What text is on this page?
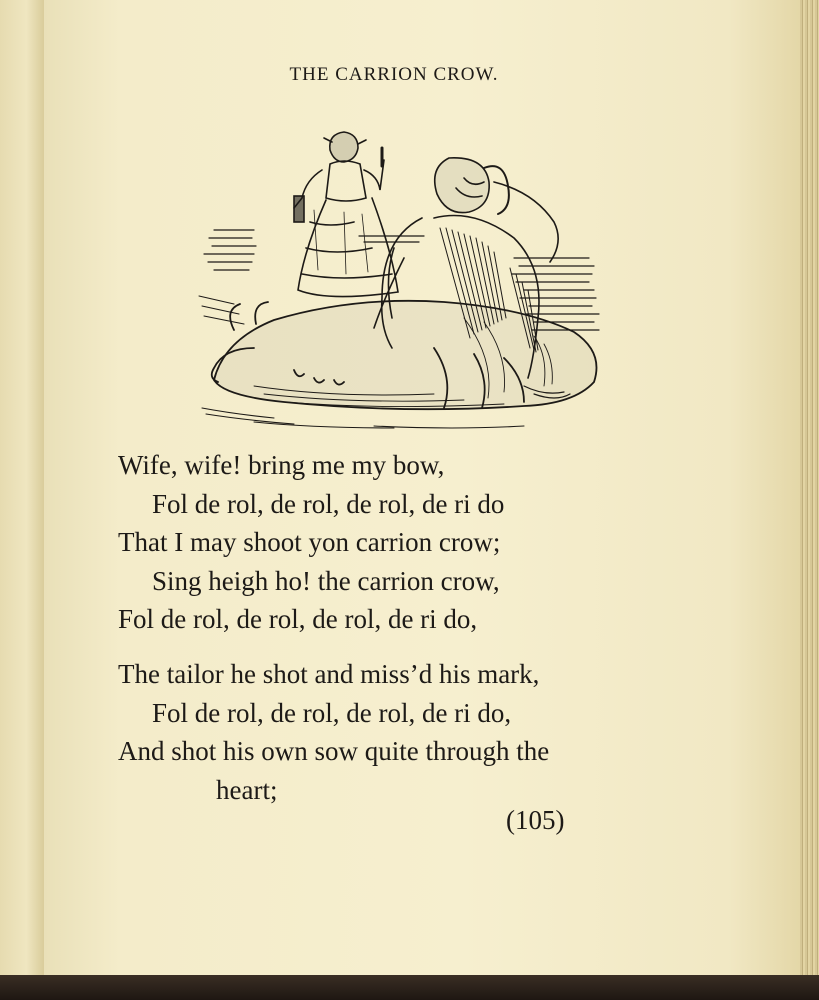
THE CARRION CROW.
Wife, wife! bring me my bow,
Fol de rol, de rol, de rol, de ri do
That I may shoot yon carrion crow;
Sing heigh ho! the carrion crow,
Fol de rol, de rol, de rol, de ri do,
The tailor he shot and miss’d his mark,
Fol de rol, de rol, de rol, de ri do,
And shot his own sow quite through the
heart;
(105)
